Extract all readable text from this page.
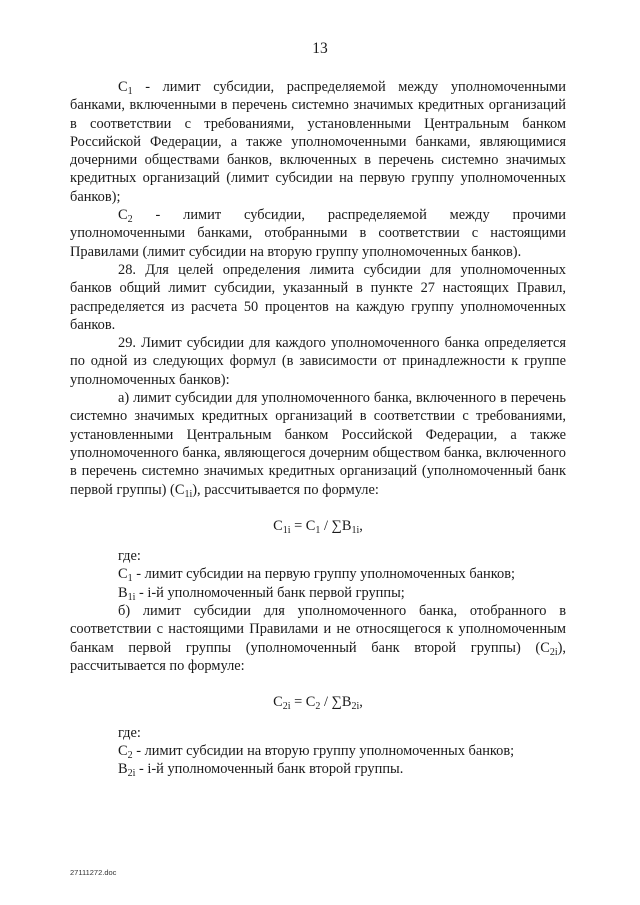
13

$C_1$ - лимит субсидии, распределяемой между уполномоченными банками, включенными в перечень системно значимых кредитных организаций в соответствии с требованиями, установленными Центральным банком Российской Федерации, а также уполномоченными банками, являющимися дочерними обществами банков, включенных в перечень системно значимых кредитных организаций (лимит субсидии на первую группу уполномоченных банков);

$C_2$ - лимит субсидии, распределяемой между прочими уполномоченными банками, отобранными в соответствии с настоящими Правилами (лимит субсидии на вторую группу уполномоченных банков).

28. Для целей определения лимита субсидии для уполномоченных банков общий лимит субсидии, указанный в пункте 27 настоящих Правил, распределяется из расчета 50 процентов на каждую группу уполномоченных банков.

29. Лимит субсидии для каждого уполномоченного банка определяется по одной из следующих формул (в зависимости от принадлежности к группе уполномоченных банков):

а) лимит субсидии для уполномоченного банка, включенного в перечень системно значимых кредитных организаций в соответствии с требованиями, установленными Центральным банком Российской Федерации, а также уполномоченного банка, являющегося дочерним обществом банка, включенного в перечень системно значимых кредитных организаций (уполномоченный банк первой группы) $(C_{1i})$, рассчитывается по формуле:

$C_{1i} = C_1 / \sum B_{1i}$,

где:

$C_1$ - лимит субсидии на первую группу уполномоченных банков;

$B_{1i} - i-й$ уполномоченный банк первой группы;

б) лимит субсидии для уполномоченного банка, отобранного в соответствии с настоящими Правилами и не относящегося к уполномоченным банкам первой группы (уполномоченный банк второй группы) $(C_{2i})$, рассчитывается по формуле:

$C_{2i} = C_2 / \sum B_{2i}$,

где:

$C_2$ - лимит субсидии на вторую группу уполномоченных банков;

$B_{2i} - i-й$ уполномоченный банк второй группы.

27111272.doc
